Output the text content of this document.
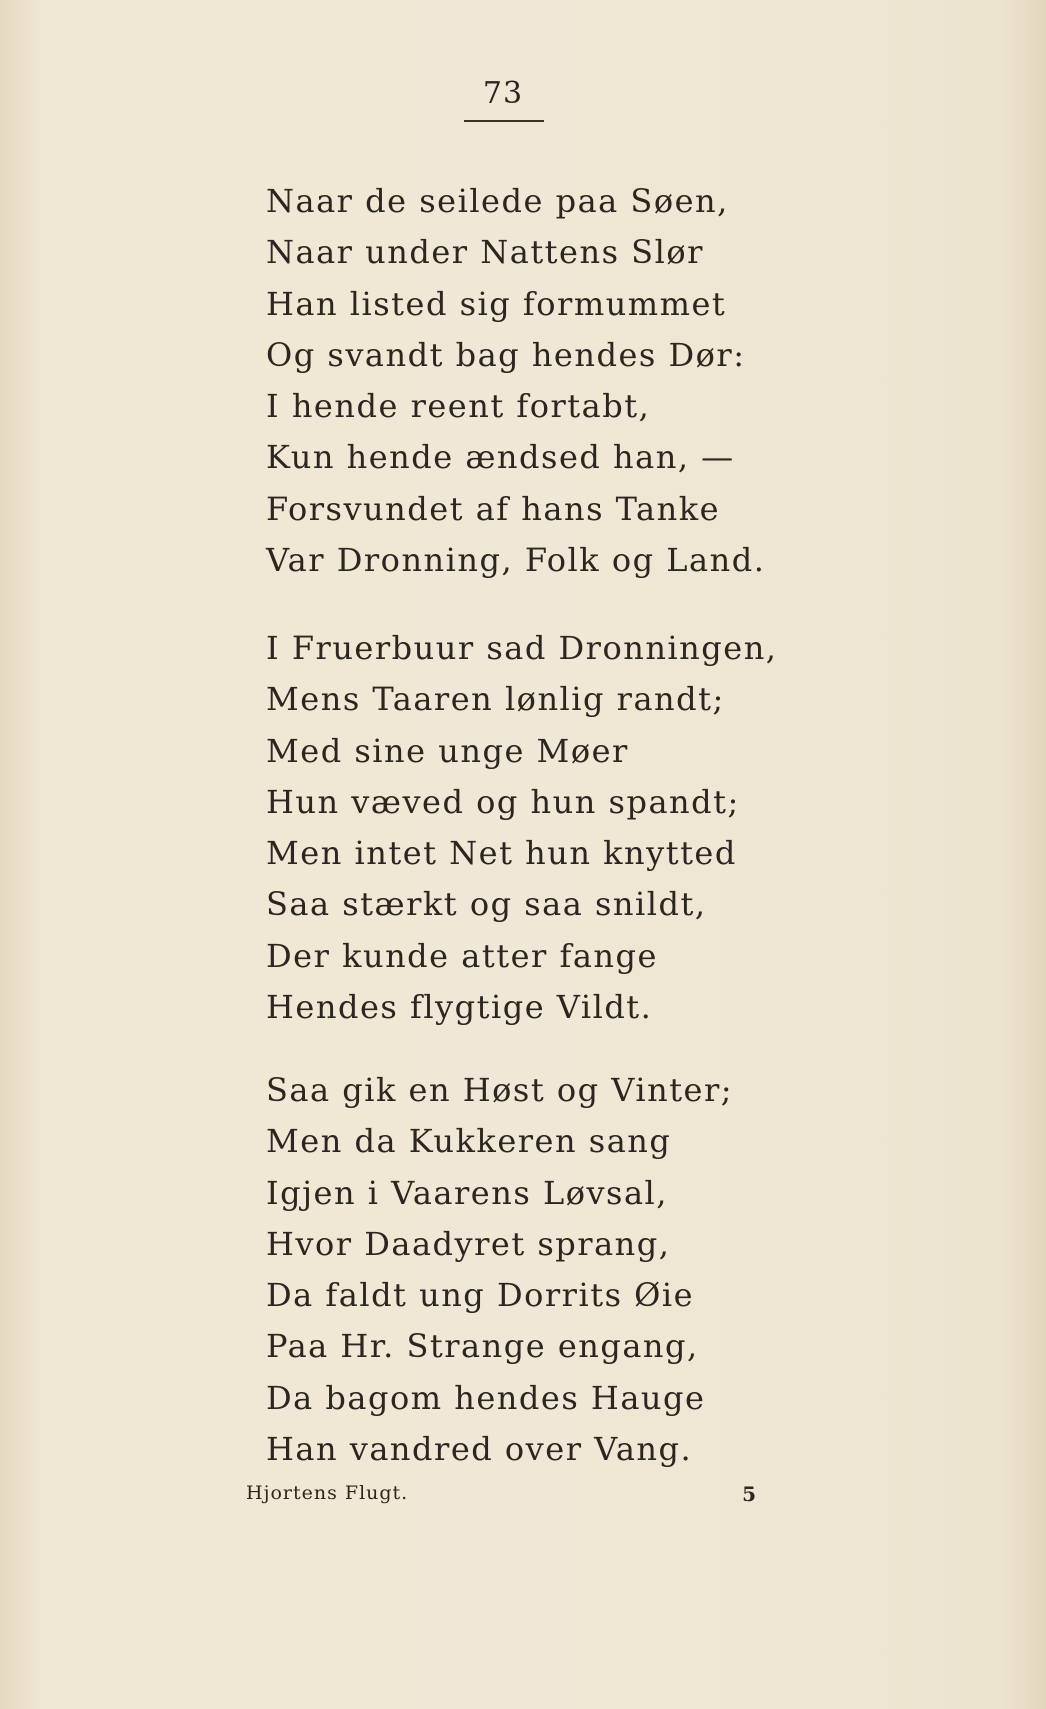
73
Naar de seilede paa Søen,
Naar under Nattens Slør
Han listed sig formummet
Og svandt bag hendes Dør:
I hende reent fortabt,
Kun hende ændsed han, —
Forsvundet af hans Tanke
Var Dronning, Folk og Land.
I Fruerbuur sad Dronningen,
Mens Taaren lønlig randt;
Med sine unge Møer
Hun væved og hun spandt;
Men intet Net hun knytted
Saa stærkt og saa snildt,
Der kunde atter fange
Hendes flygtige Vildt.
Saa gik en Høst og Vinter;
Men da Kukkeren sang
Igjen i Vaarens Løvsal,
Hvor Daadyret sprang,
Da faldt ung Dorrits Øie
Paa Hr. Strange engang,
Da bagom hendes Hauge
Han vandred over Vang.
Hjortens Flugt.	5
